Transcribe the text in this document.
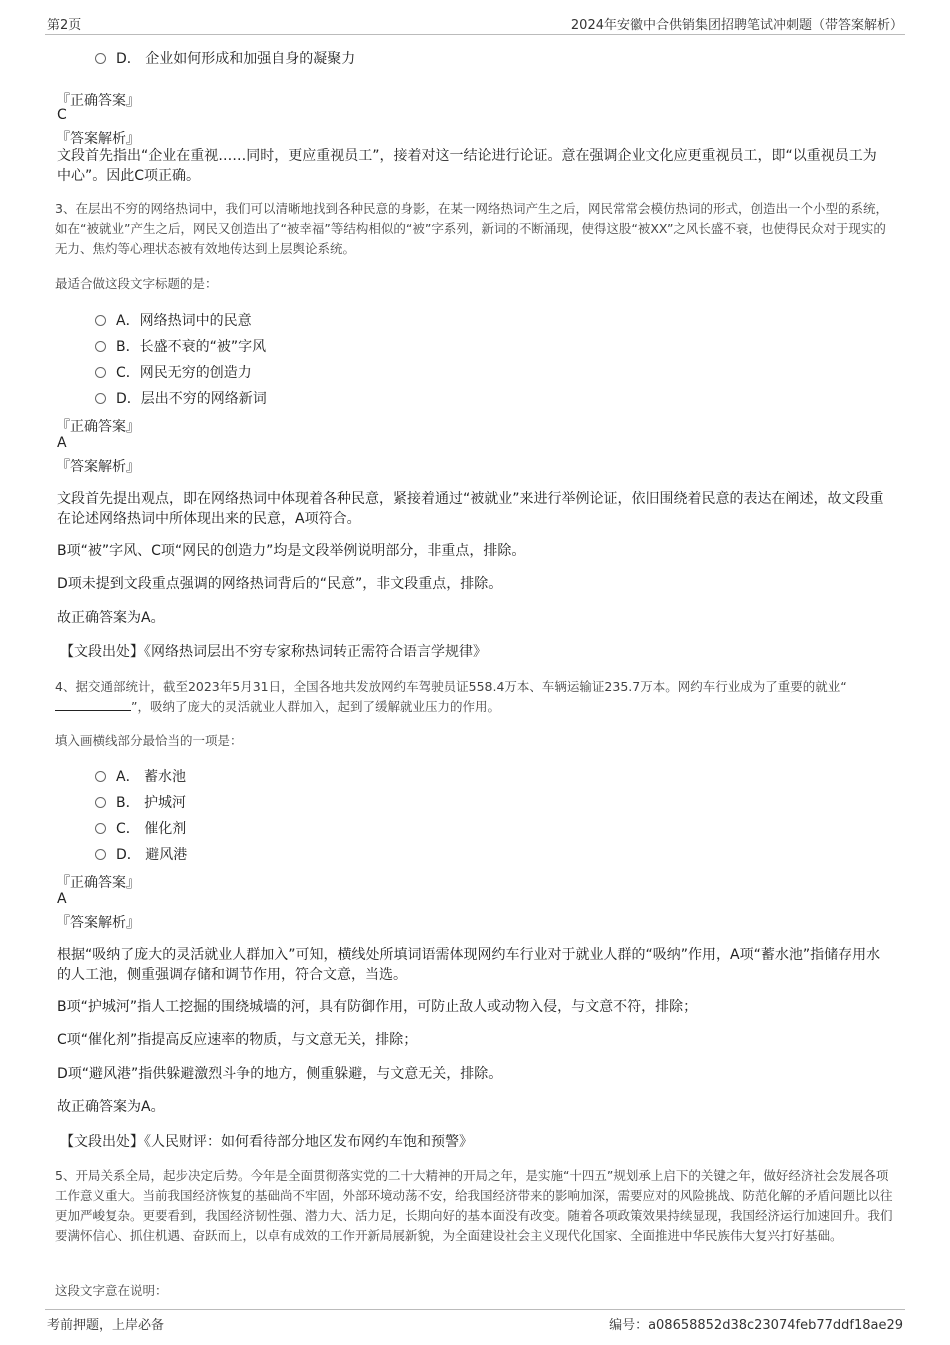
第2页	2024年安徽中合供销集团招聘笔试冲刺题（带答案解析）
D． 企业如何形成和加强自身的凝聚力
『正确答案』
C
『答案解析』
文段首先指出“企业在重视……同时，更应重视员工”，接着对这一结论进行论证。意在强调企业文化应更重视员工，即“以重视员工为中心”。因此C项正确。
3、在层出不穷的网络热词中，我们可以清晰地找到各种民意的身影，在某一网络热词产生之后，网民常常会模仿热词的形式，创造出一个小型的系统，如在“被就业”产生之后，网民又创造出了“被幸福”等结构相似的“被”字系列，新词的不断涌现，使得这股“被XX”之风长盛不衰，也使得民众对于现实的无力、焦灼等心理状态被有效地传达到上层舆论系统。
最适合做这段文字标题的是：
A．网络热词中的民意
B．长盛不衰的“被”字风
C．网民无穷的创造力
D．层出不穷的网络新词
『正确答案』
A
『答案解析』
文段首先提出观点，即在网络热词中体现着各种民意，紧接着通过“被就业”来进行举例论证，依旧围绕着民意的表达在阐述，故文段重在论述网络热词中所体现出来的民意，A项符合。
B项“被”字风、C项“网民的创造力”均是文段举例说明部分，非重点，排除。
D项未提到文段重点强调的网络热词背后的“民意”，非文段重点，排除。
故正确答案为A。
【文段出处】《网络热词层出不穷专家称热词转正需符合语言学规律》
4、据交通部统计，截至2023年5月31日，全国各地共发放网约车驾驶员证558.4万本、车辆运输证235.7万本。网约车行业成为了重要的就业“”，吸纳了庞大的灵活就业人群加入，起到了缓解就业压力的作用。
填入画横线部分最恰当的一项是：
A． 蓄水池
B． 护城河
C． 催化剂
D． 避风港
『正确答案』
A
『答案解析』
根据“吸纳了庞大的灵活就业人群加入”可知，横线处所填词语需体现网约车行业对于就业人群的“吸纳”作用，A项“蓄水池”指储存用水的人工池，侧重强调存储和调节作用，符合文意，当选。
B项“护城河”指人工挖掘的围绕城墙的河，具有防御作用，可防止敌人或动物入侵，与文意不符，排除；
C项“催化剂”指提高反应速率的物质，与文意无关，排除；
D项“避风港”指供躲避激烈斗争的地方，侧重躲避，与文意无关，排除。
故正确答案为A。
【文段出处】《人民财评：如何看待部分地区发布网约车饱和预警》
5、开局关系全局，起步决定后势。今年是全面贯彻落实党的二十大精神的开局之年，是实施“十四五”规划承上启下的关键之年，做好经济社会发展各项工作意义重大。当前我国经济恢复的基础尚不牢固，外部环境动荡不安，给我国经济带来的影响加深，需要应对的风险挑战、防范化解的矛盾问题比以往更加严峻复杂。更要看到，我国经济韧性强、潜力大、活力足，长期向好的基本面没有改变。随着各项政策效果持续显现，我国经济运行加速回升。我们要满怀信心、抓住机遇、奋跃而上，以卓有成效的工作开新局展新貌，为全面建设社会主义现代化国家、全面推进中华民族伟大复兴打好基础。
这段文字意在说明：
考前押题，上岸必备	编号：a08658852d38c23074feb77ddf18ae29
